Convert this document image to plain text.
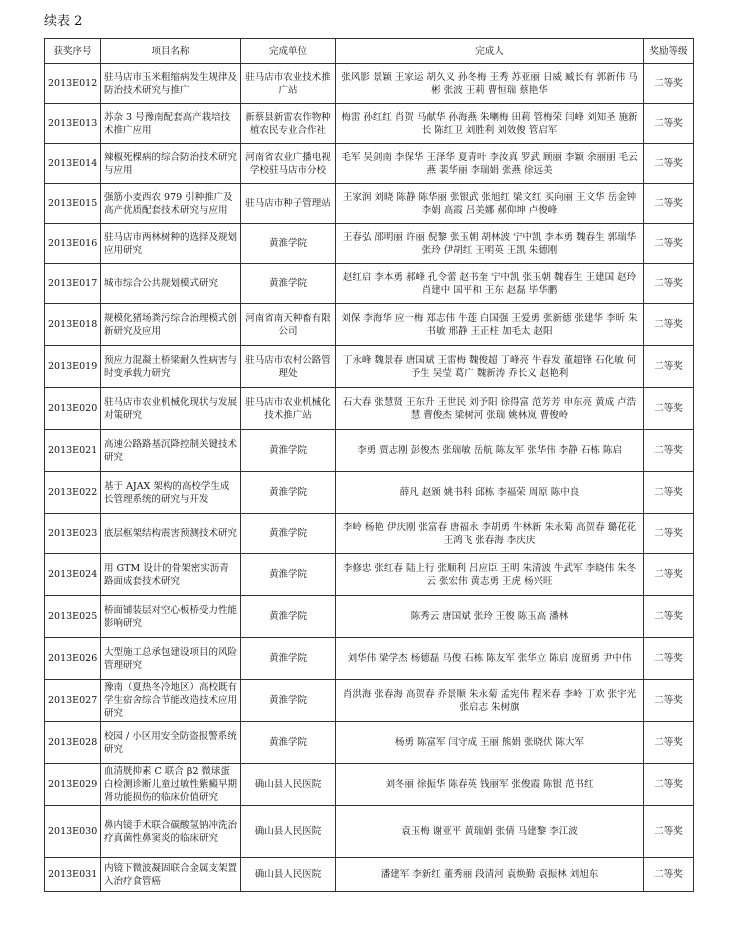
续表 2
获奖序号	项目名称	完成单位	完成人	奖励等级
2013E012	驻马店市玉米粗缩病发生规律及防治技术研究与推广	驻马店市农业技术推广站	张风影 景颖 王家运 胡久义 孙冬梅 王秀 苏亚丽 日威 臧长有 郭新伟 马彬 张波 王莉 曹恒瑞 蔡艳华	二等奖
2013E013	苏杂 3 号豫南配套高产栽培技术推广应用	新蔡县新雷农作物种植农民专业合作社	梅雷 孙红红 肖贺 马献华 孙海燕 朱喇梅 田莉 管梅荣 闫峰 刘知圣 施新长 陈红卫 刘胜利 刘效俊 管启军	二等奖
2013E014	辣椒死棵病的综合防治技术研究与应用	河南省农业广播电视学校驻马店市分校	毛军 吴剑南 李保华 王泽华 夏青叶 李汝真 罗武 顾丽 李颖 余丽丽 毛云燕 裴华丽 李瑞娟 张燕 徐远美	二等奖
2013E015	强筋小麦西农 979 引种推广及高产优质配套技术研究与应用	驻马店市种子管理站	王家润 刘晓 陈静 陈华丽 张银武 张旭红 梁文红 买向丽 王文华 岳金钟 李娟 高霞 吕美娜 郝仰坤 卢俊峰	二等奖
2013E016	驻马店市两林树种的选择及规划应用研究	黄淮学院	王春弘 邵明丽 许丽 倪黎 张玉朝 胡林波 宁中凯 李本勇 魏春生 郭瑞华 张玲 伊胡红 王明英 王凯 朱德刚	二等奖
2013E017	城市综合公共规划模式研究	黄淮学院	赵红启 李本勇 郝峰 孔令蕾 赵书奎 宁中凯 张玉朝 魏春生 王建国 赵玲 肖建中 国平和 王东 赵磊 毕华鹏	二等奖
2013E018	规模化猪场粪污综合治理模式创新研究及应用	河南省南天种畜有限公司	刘保 李海华 应一梅 郑志伟 牛莲 白国强 王爱勇 张新德 张建华 李昕 朱书敏 邢静 王正柱 加毛太 赵阳	二等奖
2013E019	预应力混凝土桥梁耐久性病害与时变承载力研究	驻马店市农村公路管理处	丁永峰 魏景春 唐国斌 王雷梅 魏俊超 丁峰亮 牛春发 董超锋 石化敏 何予生 吴莹 葛广 魏新涛 乔长义 赵艳利	二等奖
2013E020	驻马店市农业机械化现状与发展对策研究	驻马店市农业机械化技术推广站	石大春 张慧贤 王东升 王世民 刘予阳 徐得富 范芳芳 申东亮 黄成 卢浩慧 曹俊杰 梁树河 张瑞 姚林岚 曹俊岭	二等奖
2013E021	高速公路路基沉降控制关键技术研究	黄淮学院	李勇 贾志刚 彭俊杰 张瑞敏 岳航 陈友军 张华伟 李静 石栋 陈启	二等奖
2013E022	基于 AJAX 架构的高校学生成长管理系统的研究与开发	黄淮学院	薛凡 赵颁 姚书科 邱栋 李福荣 周原 陈中良	二等奖
2013E023	底层框架结构震害预测技术研究	黄淮学院	李岭 杨艳 伊庆刚 张富春 唐福永 李胡勇 牛林新 朱永菊 高贺春 璐花花 王鸿飞 张春海 李庆庆	二等奖
2013E024	用 GTM 设计的骨架密实沥青路面成套技术研究	黄淮学院	李修忠 张红春 陆上行 张顺利 吕应臣 王明 朱清波 牛武军 李晓伟 朱冬云 张宏伟 黄志勇 王虎 杨兴旺	二等奖
2013E025	桥面铺装层对空心板桥受力性能影响研究	黄淮学院	陈秀云 唐国斌 张玲 王俊 陈玉高 潘林	二等奖
2013E026	大型施工总承包建设项目的风险管理研究	黄淮学院	刘华伟 梁学杰 杨德磊 马俊 石栋 陈友军 张华立 陈启 庞留勇 尹中伟	二等奖
2013E027	豫南（夏热冬冷地区）高校既有学生宿舍综合节能改造技术应用研究	黄淮学院	肖洪海 张春海 高贺春 乔景顺 朱永菊 孟宪伟 程米春 李岭 丁欢 张宇光 张启志 朱树旗	二等奖
2013E028	校园 / 小区用安全防盗报警系统研究	黄淮学院	杨勇 陈富军 闫守成 王丽 熊娟 张晓伏 陈大军	二等奖
2013E029	血清胱抑素 C 联合 β2 微球蛋白检测诊断儿童过敏性紫癜早期肾功能损伤的临床价值研究	确山县人民医院	刘冬丽 徐振华 陈春英 钱丽军 张俊霞 陈银 范书红	二等奖
2013E030	鼻内镜手术联合碳酸氢钠冲洗治疗真菌性鼻窦炎的临床研究	确山县人民医院	袁玉梅 谢亚平 黄瑞娟 张倩 马建黎 李江波	二等奖
2013E031	内镜下微波凝固联合金属支架置入治疗食管癌	确山县人民医院	潘建军 李新红 董秀丽 段清河 袁焕勤 袁振林 刘旭东	二等奖
